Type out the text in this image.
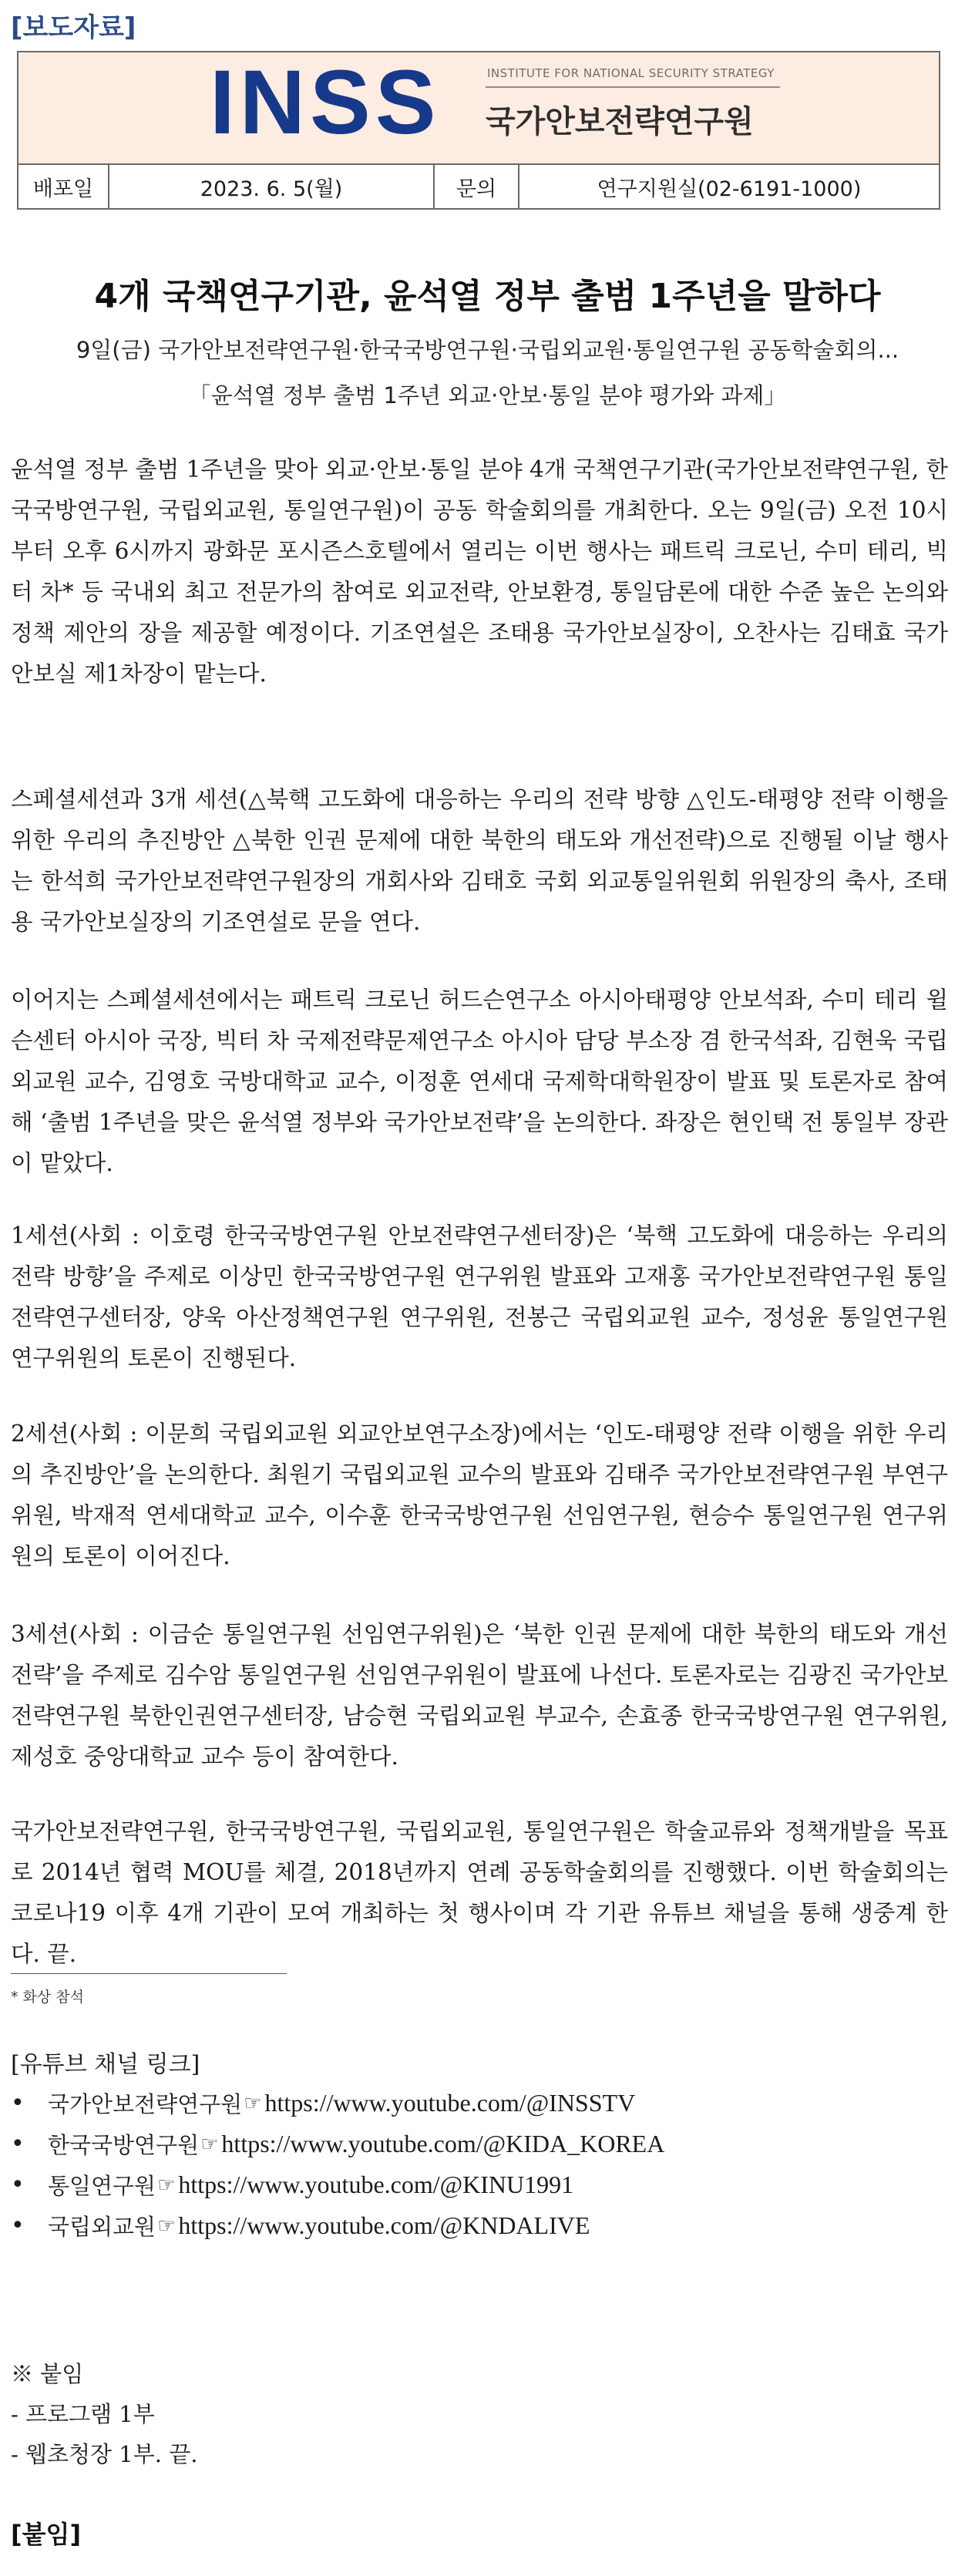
[보도자료]
INSS	INSTITUTE FOR NATIONAL SECURITY STRATEGY
국가안보전략연구원
배포일	2023. 6. 5(월)	문의	연구지원실(02-6191-1000)
4개 국책연구기관, 윤석열 정부 출범 1주년을 말하다
9일(금) 국가안보전략연구원·한국국방연구원·국립외교원·통일연구원 공동학술회의...
「윤석열 정부 출범 1주년 외교·안보·통일 분야 평가와 과제」

윤석열 정부 출범 1주년을 맞아 외교·안보·통일 분야 4개 국책연구기관(국가안보전략연구원, 한국국방연구원, 국립외교원, 통일연구원)이 공동 학술회의를 개최한다. 오는 9일(금) 오전 10시부터 오후 6시까지 광화문 포시즌스호텔에서 열리는 이번 행사는 패트릭 크로닌, 수미 테리, 빅터 차* 등 국내외 최고 전문가의 참여로 외교전략, 안보환경, 통일담론에 대한 수준 높은 논의와 정책 제안의 장을 제공할 예정이다. 기조연설은 조태용 국가안보실장이, 오찬사는 김태효 국가안보실 제1차장이 맡는다.

스페셜세션과 3개 세션(△북핵 고도화에 대응하는 우리의 전략 방향 △인도-태평양 전략 이행을 위한 우리의 추진방안 △북한 인권 문제에 대한 북한의 태도와 개선전략)으로 진행될 이날 행사는 한석희 국가안보전략연구원장의 개회사와 김태호 국회 외교통일위원회 위원장의 축사, 조태용 국가안보실장의 기조연설로 문을 연다.

이어지는 스페셜세션에서는 패트릭 크로닌 허드슨연구소 아시아태평양 안보석좌, 수미 테리 윌슨센터 아시아 국장, 빅터 차 국제전략문제연구소 아시아 담당 부소장 겸 한국석좌, 김현욱 국립외교원 교수, 김영호 국방대학교 교수, 이정훈 연세대 국제학대학원장이 발표 및 토론자로 참여해 ‘출범 1주년을 맞은 윤석열 정부와 국가안보전략’을 논의한다. 좌장은 현인택 전 통일부 장관이 맡았다.

1세션(사회 : 이호령 한국국방연구원 안보전략연구센터장)은 ‘북핵 고도화에 대응하는 우리의 전략 방향’을 주제로 이상민 한국국방연구원 연구위원 발표와 고재홍 국가안보전략연구원 통일전략연구센터장, 양욱 아산정책연구원 연구위원, 전봉근 국립외교원 교수, 정성윤 통일연구원 연구위원의 토론이 진행된다.

2세션(사회 : 이문희 국립외교원 외교안보연구소장)에서는 ‘인도-태평양 전략 이행을 위한 우리의 추진방안’을 논의한다. 최원기 국립외교원 교수의 발표와 김태주 국가안보전략연구원 부연구위원, 박재적 연세대학교 교수, 이수훈 한국국방연구원 선임연구원, 현승수 통일연구원 연구위원의 토론이 이어진다.

3세션(사회 : 이금순 통일연구원 선임연구위원)은 ‘북한 인권 문제에 대한 북한의 태도와 개선전략’을 주제로 김수암 통일연구원 선임연구위원이 발표에 나선다. 토론자로는 김광진 국가안보전략연구원 북한인권연구센터장, 남승현 국립외교원 부교수, 손효종 한국국방연구원 연구위원, 제성호 중앙대학교 교수 등이 참여한다.

국가안보전략연구원, 한국국방연구원, 국립외교원, 통일연구원은 학술교류와 정책개발을 목표로 2014년 협력 MOU를 체결, 2018년까지 연례 공동학술회의를 진행했다. 이번 학술회의는 코로나19 이후 4개 기관이 모여 개최하는 첫 행사이며 각 기관 유튜브 채널을 통해 생중계 한다. 끝.

* 화상 참석
[유튜브 채널 링크]
•	국가안보전략연구원 ☞ https://www.youtube.com/@INSSTV
•	한국국방연구원 ☞ https://www.youtube.com/@KIDA_KOREA
•	통일연구원 ☞ https://www.youtube.com/@KINU1991
•	국립외교원 ☞ https://www.youtube.com/@KNDALIVE
※ 붙임
- 프로그램 1부
- 웹초청장 1부. 끝.
[붙임]
